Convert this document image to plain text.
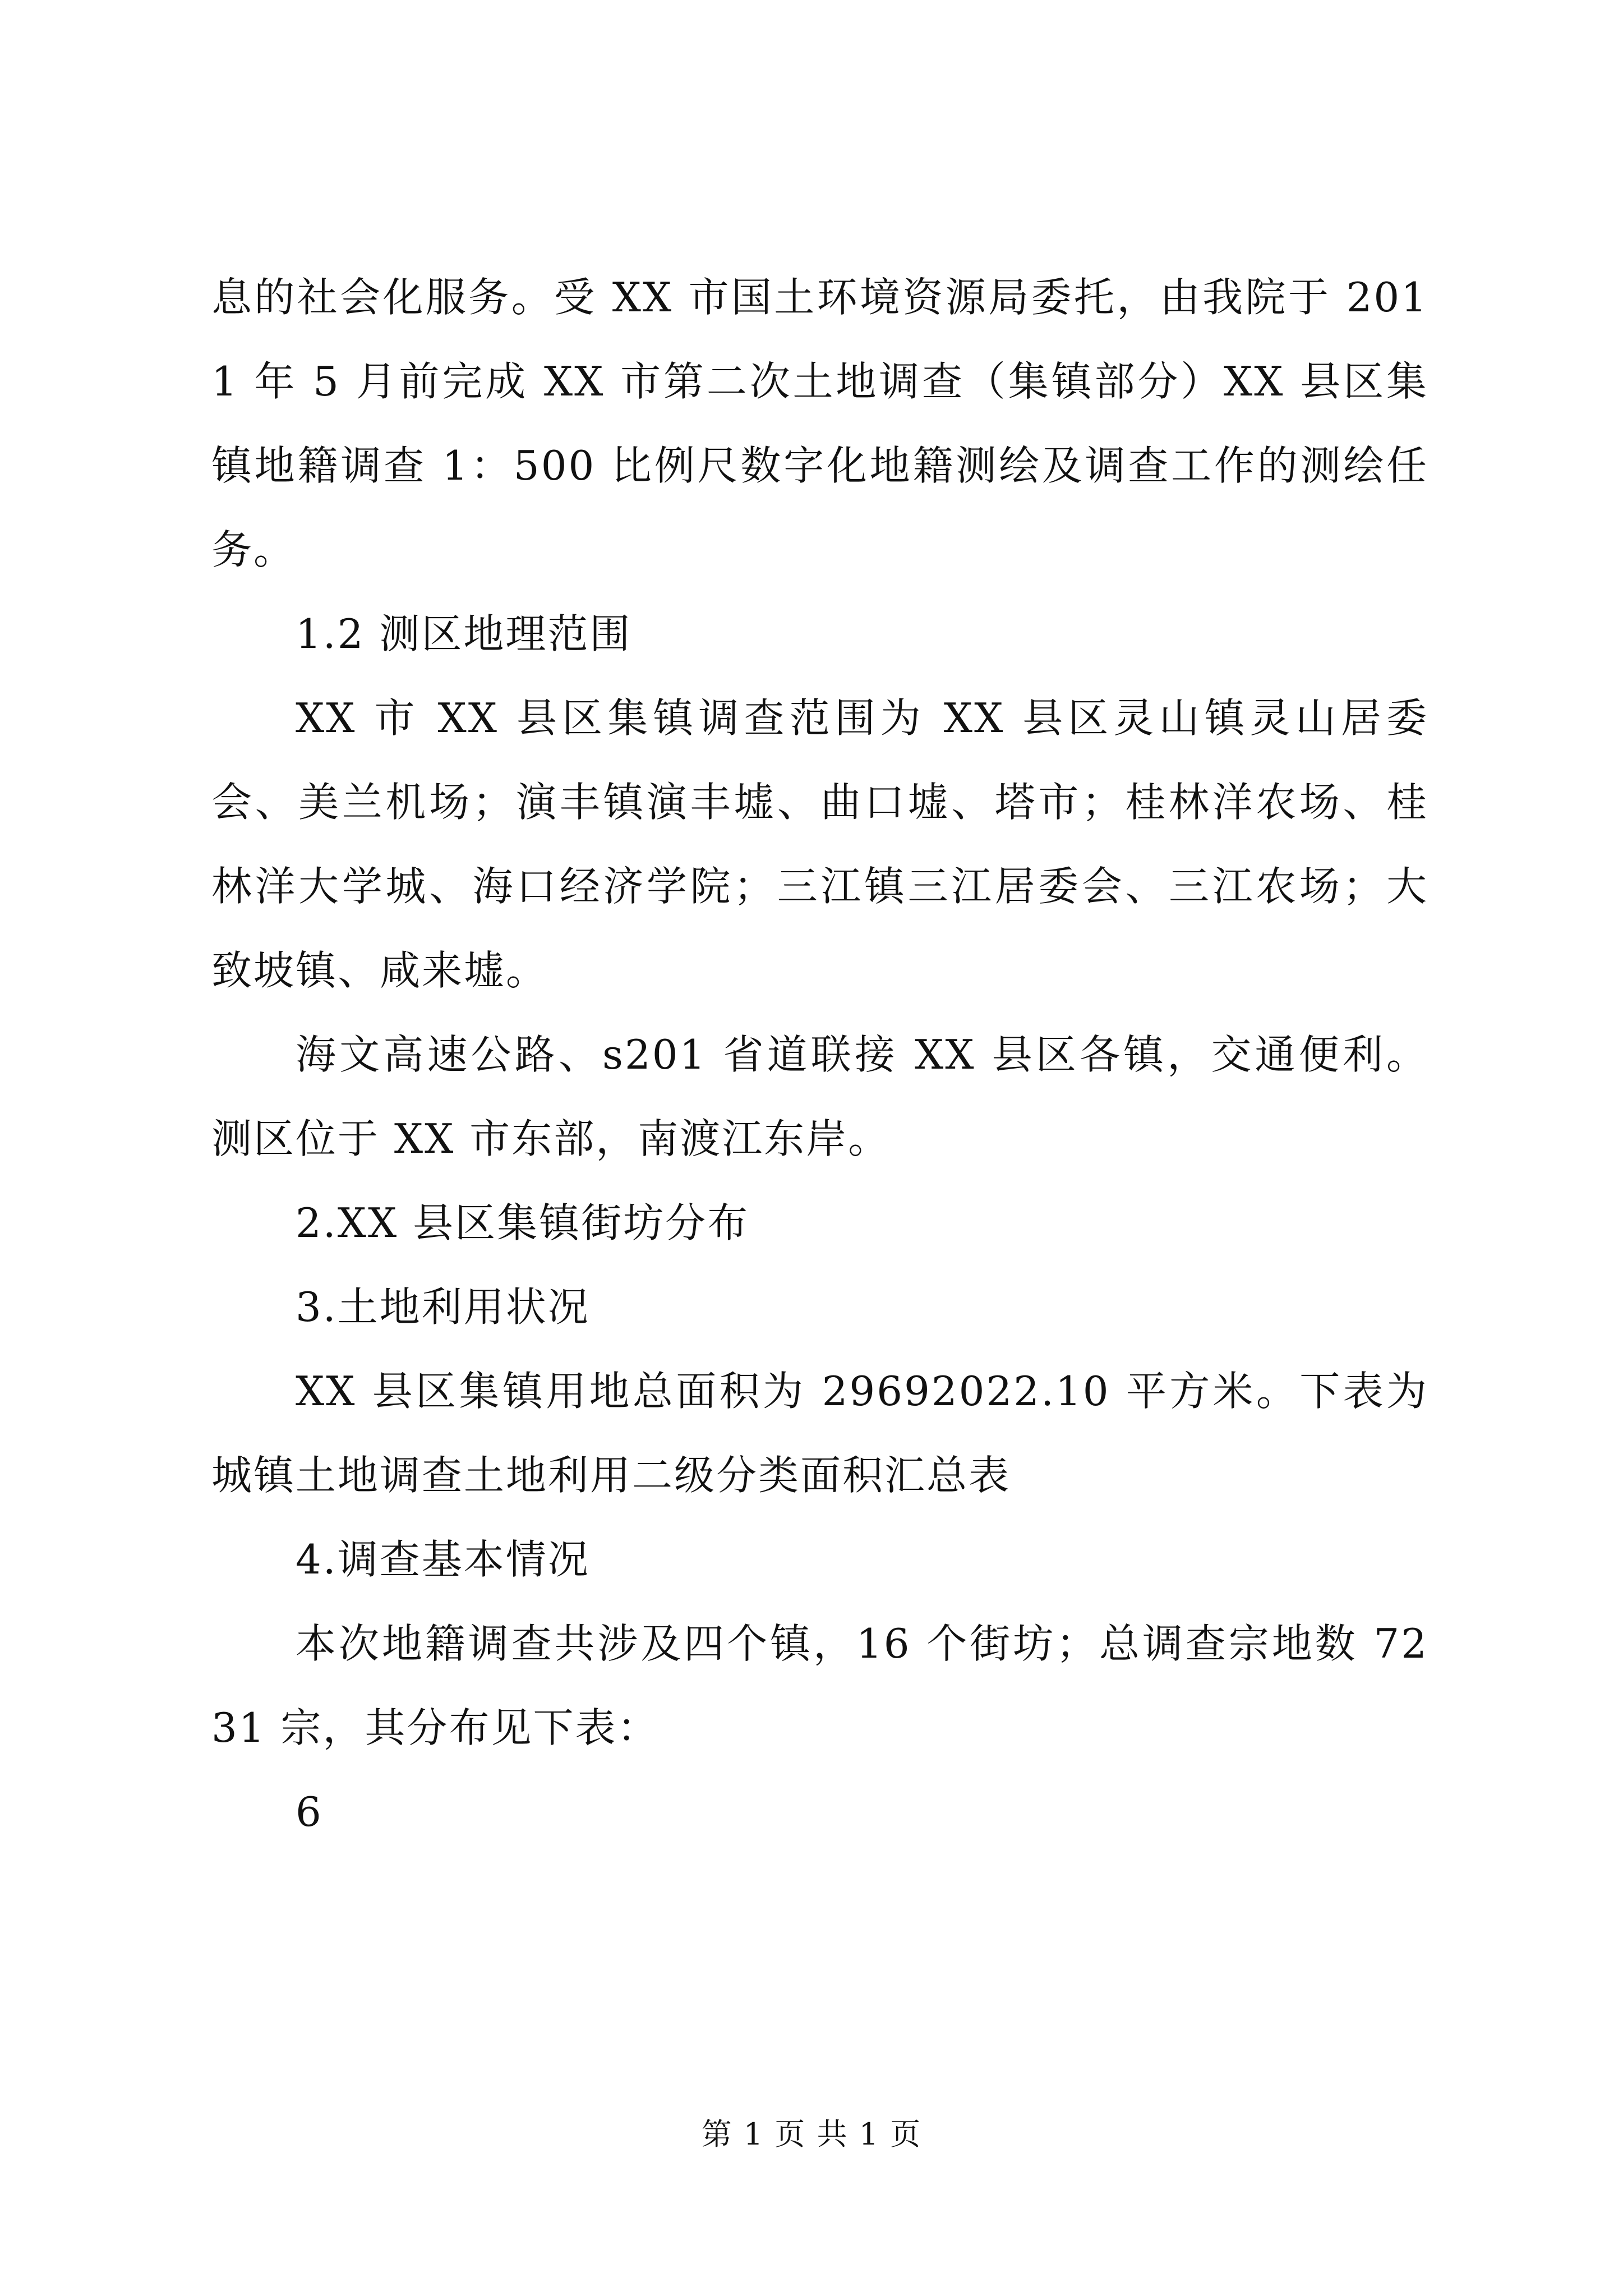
息的社会化服务。受 XX 市国土环境资源局委托，由我院于 2011 年 5 月前完成 XX 市第二次土地调查（集镇部分）XX 县区集镇地籍调查 1：500 比例尺数字化地籍测绘及调查工作的测绘任务。

1.2 测区地理范围

XX 市 XX 县区集镇调查范围为 XX 县区灵山镇灵山居委会、美兰机场；演丰镇演丰墟、曲口墟、塔市；桂林洋农场、桂林洋大学城、海口经济学院；三江镇三江居委会、三江农场；大致坡镇、咸来墟。

海文高速公路、s201 省道联接 XX 县区各镇，交通便利。测区位于 XX 市东部，南渡江东岸。

2.XX 县区集镇街坊分布

3.土地利用状况

XX 县区集镇用地总面积为 29692022.10 平方米。下表为城镇土地调查土地利用二级分类面积汇总表

4.调查基本情况

本次地籍调查共涉及四个镇，16 个街坊；总调查宗地数 7231 宗，其分布见下表：

6

第 1 页 共 1 页
